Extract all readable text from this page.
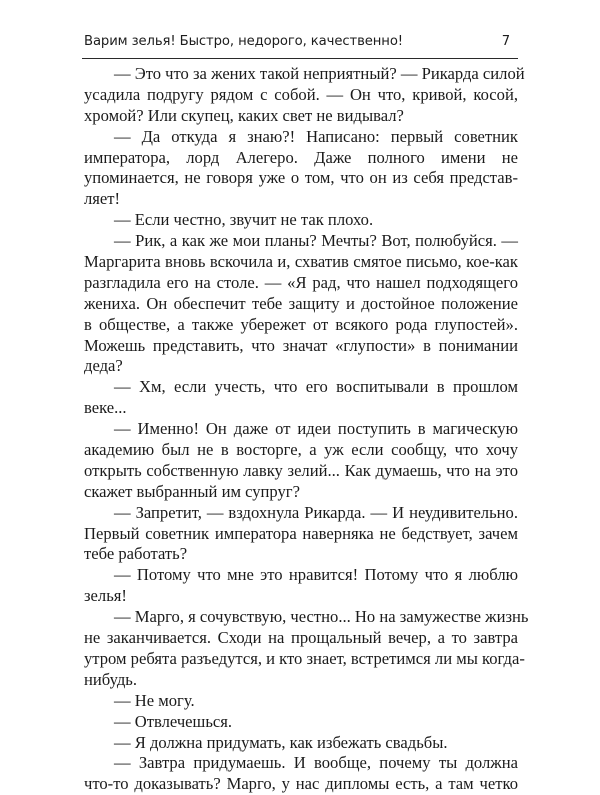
Варим зелья! Быстро, недорого, качественно!	7
— Это что за жених такой неприятный? — Рикарда силой
усадила подругу рядом с собой. — Он что, кривой, косой,
хромой? Или скупец, каких свет не видывал?
— Да откуда я знаю?! Написано: первый советник
императора, лорд Алегеро. Даже полного имени не
упоминается, не говоря уже о том, что он из себя представ-
ляет!
— Если честно, звучит не так плохо.
— Рик, а как же мои планы? Мечты? Вот, полюбуйся. —
Маргарита вновь вскочила и, схватив смятое письмо, кое-как
разгладила его на столе. — «Я рад, что нашел подходящего
жениха. Он обеспечит тебе защиту и достойное положение
в обществе, а также убережет от всякого рода глупостей».
Можешь представить, что значат «глупости» в понимании
деда?
— Хм, если учесть, что его воспитывали в прошлом
веке...
— Именно! Он даже от идеи поступить в магическую
академию был не в восторге, а уж если сообщу, что хочу
открыть собственную лавку зелий... Как думаешь, что на это
скажет выбранный им супруг?
— Запретит, — вздохнула Рикарда. — И неудивительно.
Первый советник императора наверняка не бедствует, зачем
тебе работать?
— Потому что мне это нравится! Потому что я люблю
зелья!
— Марго, я сочувствую, честно... Но на замужестве жизнь
не заканчивается. Сходи на прощальный вечер, а то завтра
утром ребята разъедутся, и кто знает, встретимся ли мы когда-
нибудь.
— Не могу.
— Отвлечешься.
— Я должна придумать, как избежать свадьбы.
— Завтра придумаешь. И вообще, почему ты должна
что-то доказывать? Марго, у нас дипломы есть, а там четко
